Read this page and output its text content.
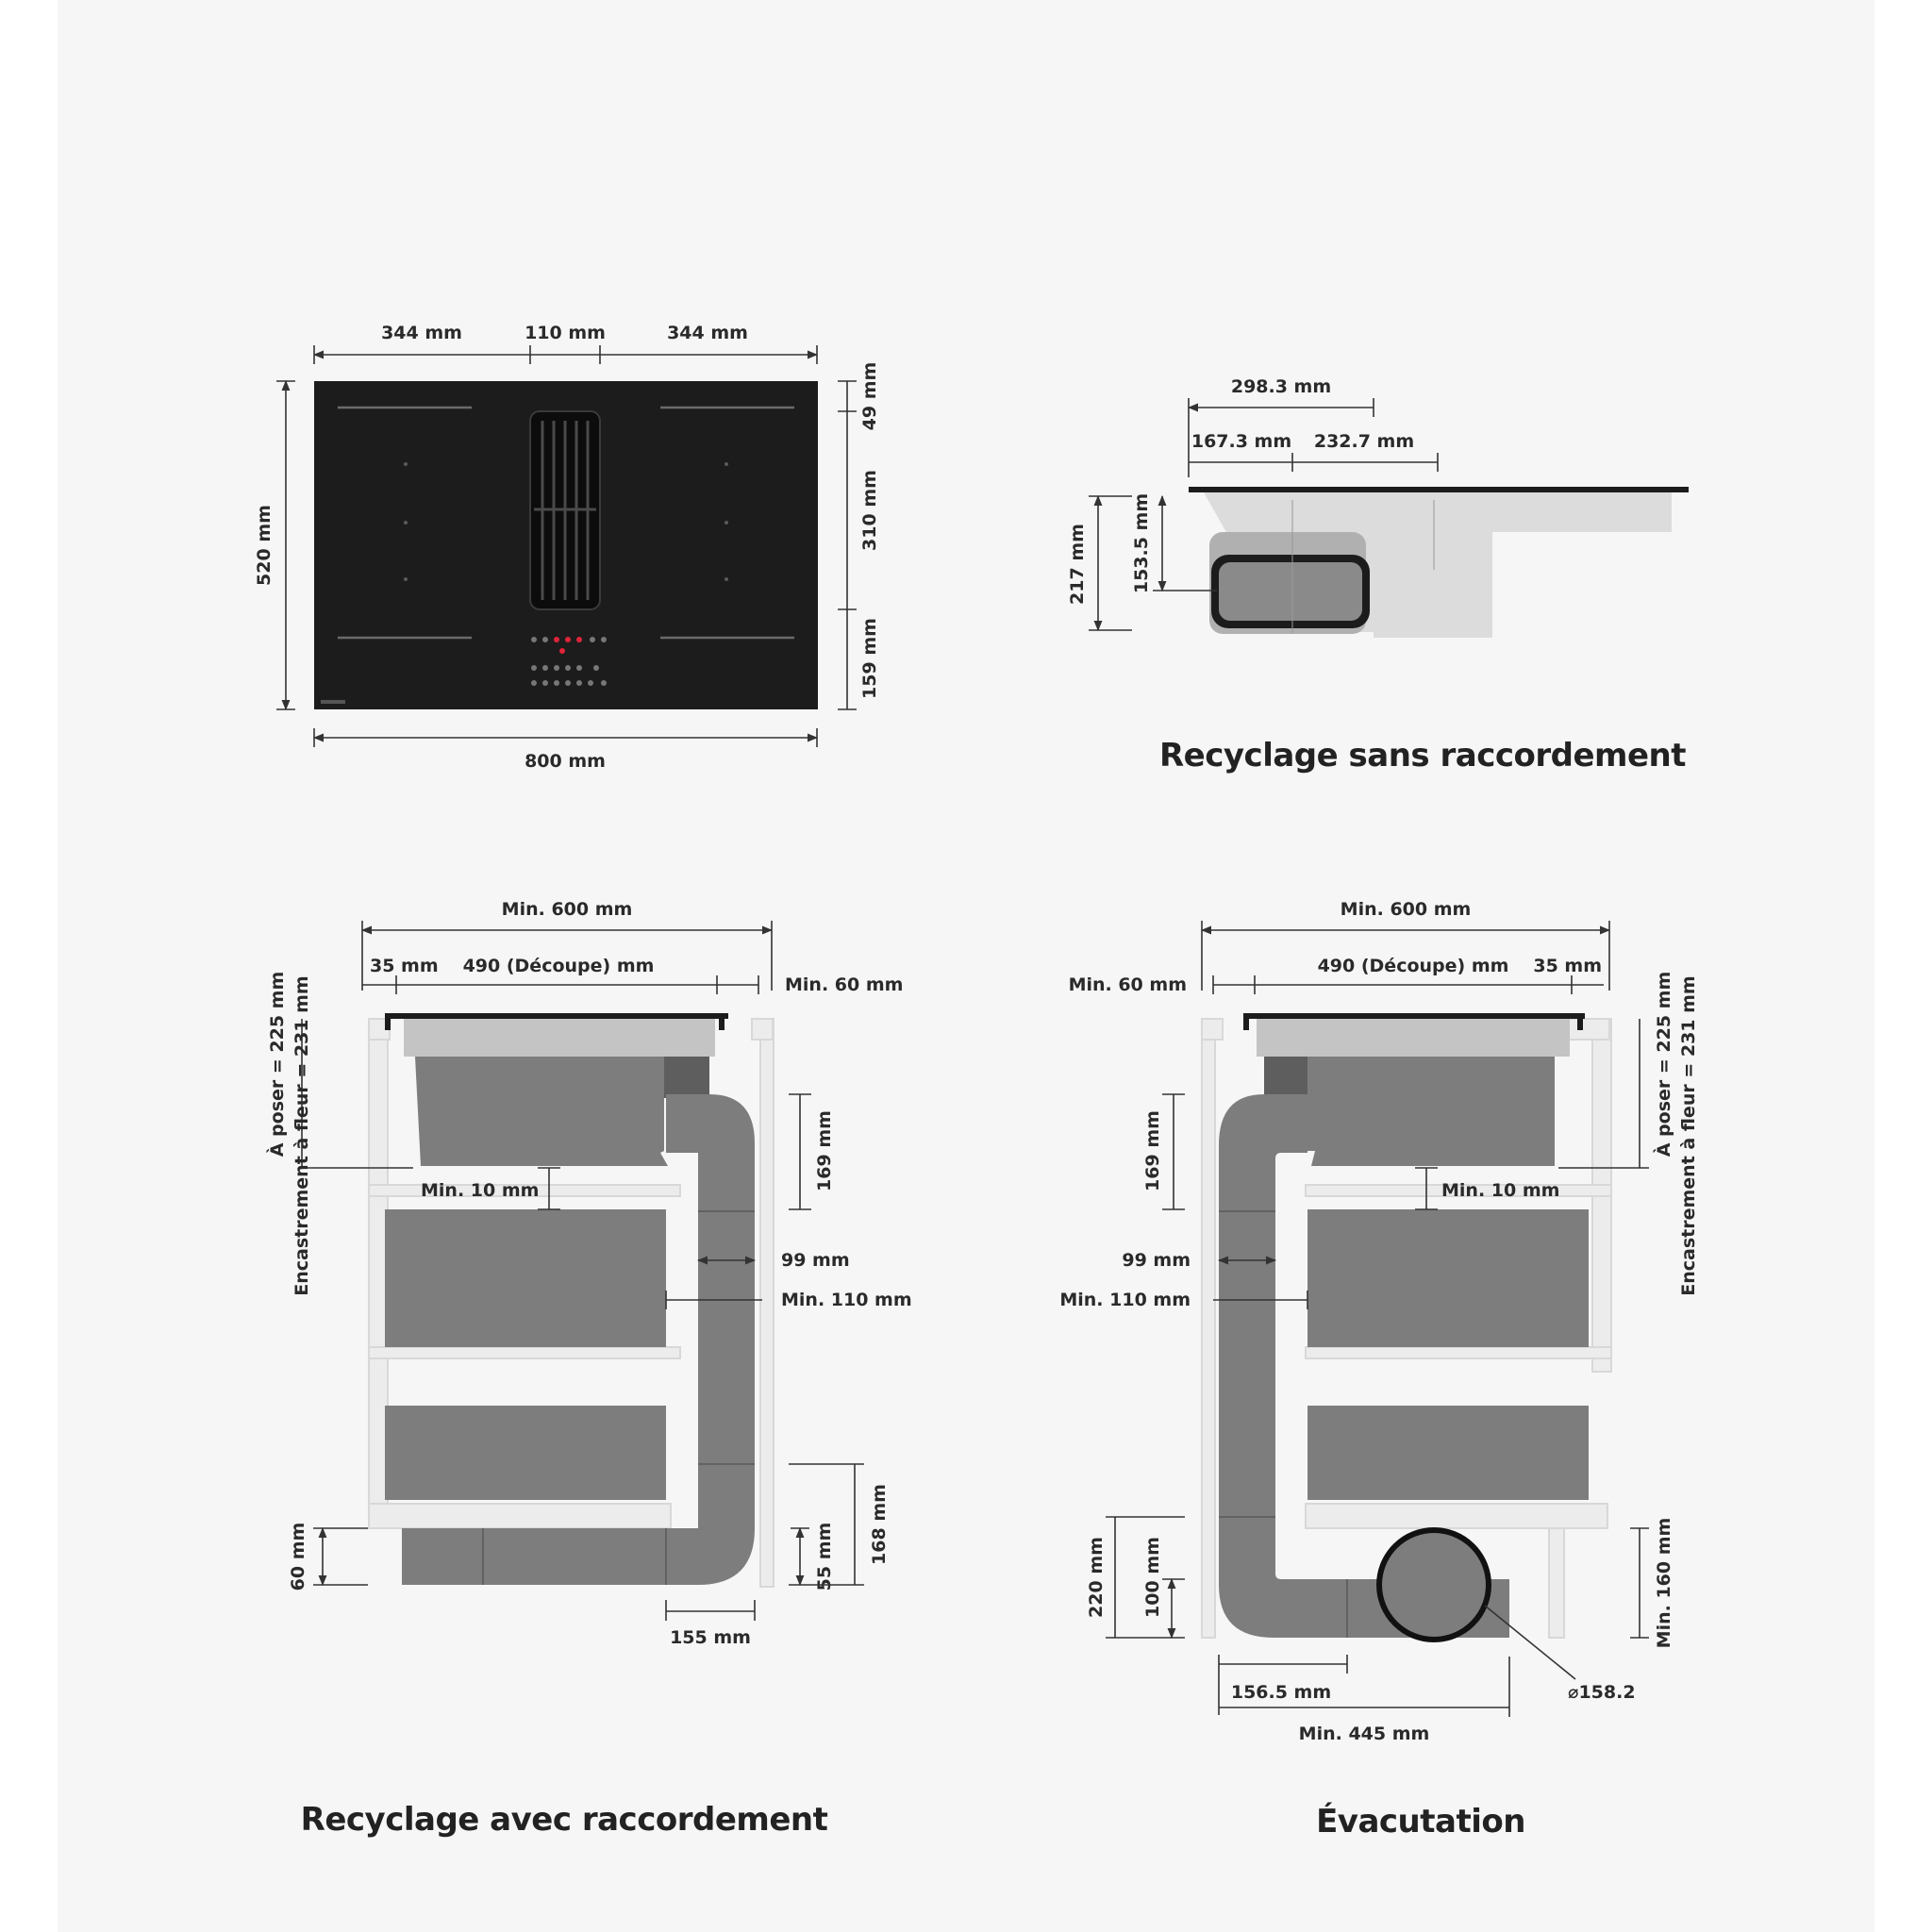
344 mm	110 mm	344 mm
520 mm
49 mm
310 mm
159 mm
800 mm
298.3 mm
167.3 mm 232.7 mm
217 mm 153.5 mm
Recyclage sans raccordement
Min. 600 mm
35 mm 490 (Découpe) mm
Min. 60 mm
À poser = 225 mm Encastrement à fleur = 231 mm	169 mm
Min. 10 mm
99 mm
Min. 110 mm
60 mm	55 mm 168 mm
155 mm
Recyclage avec raccordement
Min. 600 mm
490 (Découpe) mm 35 mm
Min. 60 mm	À poser = 225 mm Encastrement à fleur = 231 mm
169 mm	Min. 10 mm
99 mm
Min. 110 mm
220 mm 100 mm	Min. 160 mm
156.5 mm
Min. 445 mm
⌀158.2
Évacutation
